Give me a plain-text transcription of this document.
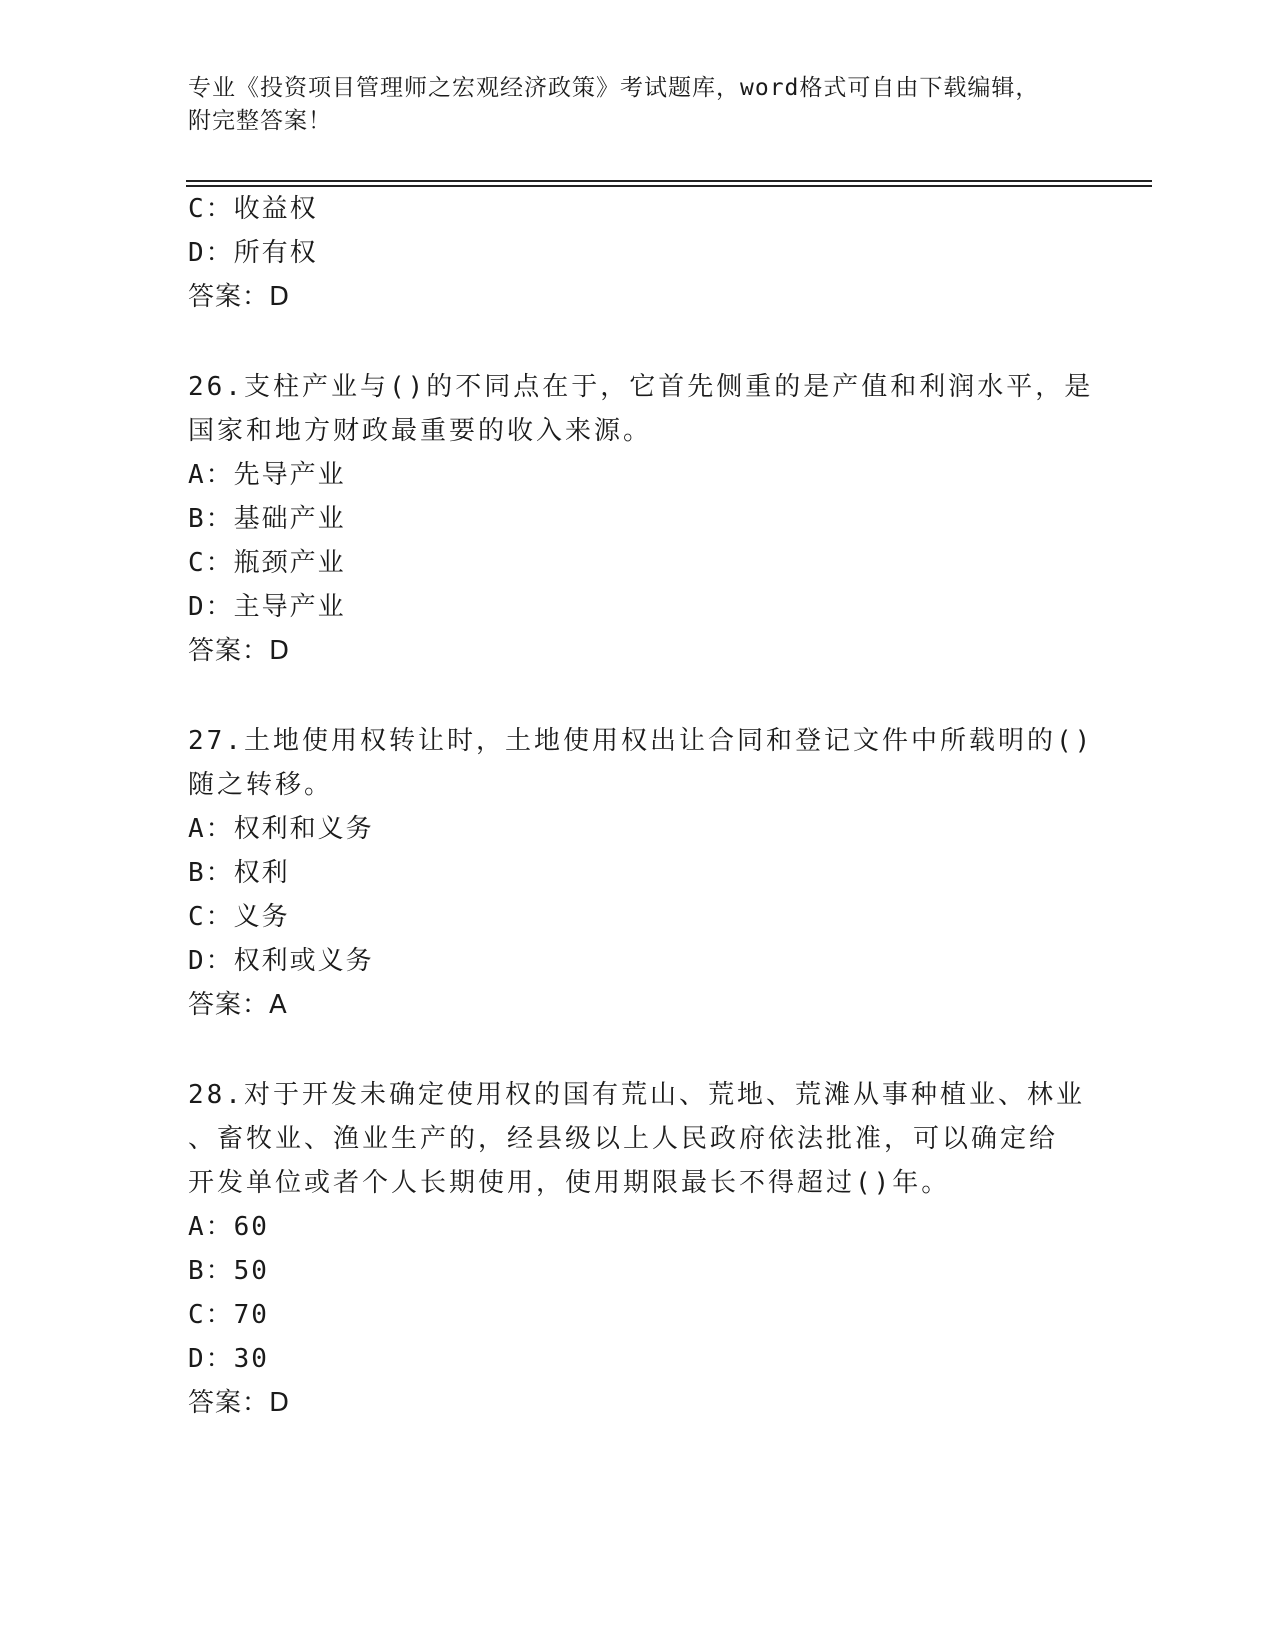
专业《投资项目管理师之宏观经济政策》考试题库，word格式可自由下载编辑，
附完整答案！
C：收益权
D：所有权
答案：D
26.支柱产业与()的不同点在于，它首先侧重的是产值和利润水平，是
国家和地方财政最重要的收入来源。
A：先导产业
B：基础产业
C：瓶颈产业
D：主导产业
答案：D
27.土地使用权转让时，土地使用权出让合同和登记文件中所载明的()
随之转移。
A：权利和义务
B：权利
C：义务
D：权利或义务
答案：A
28.对于开发未确定使用权的国有荒山、荒地、荒滩从事种植业、林业
、畜牧业、渔业生产的，经县级以上人民政府依法批准，可以确定给
开发单位或者个人长期使用，使用期限最长不得超过()年。
A：60
B：50
C：70
D：30
答案：D
